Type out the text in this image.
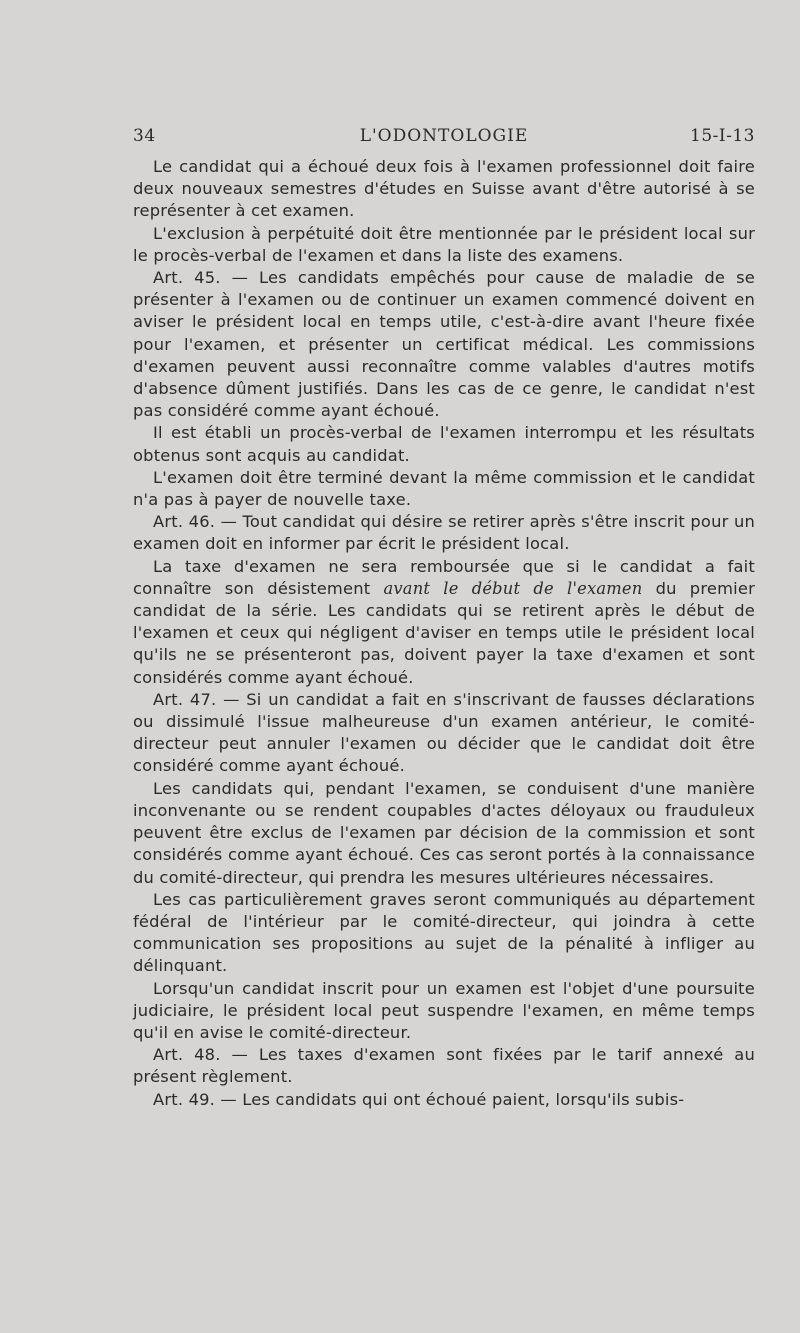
34	L'ODONTOLOGIE	15-I-13

Le candidat qui a échoué deux fois à l'examen professionnel doit faire deux nouveaux semestres d'études en Suisse avant d'être autorisé à se représenter à cet examen.

L'exclusion à perpétuité doit être mentionnée par le président local sur le procès-verbal de l'examen et dans la liste des examens.

Art. 45. — Les candidats empêchés pour cause de maladie de se présenter à l'examen ou de continuer un examen commencé doivent en aviser le président local en temps utile, c'est-à-dire avant l'heure fixée pour l'examen, et présenter un certificat médical. Les commissions d'examen peuvent aussi reconnaître comme valables d'autres motifs d'absence dûment justifiés. Dans les cas de ce genre, le candidat n'est pas considéré comme ayant échoué.

Il est établi un procès-verbal de l'examen interrompu et les résultats obtenus sont acquis au candidat.

L'examen doit être terminé devant la même commission et le candidat n'a pas à payer de nouvelle taxe.

Art. 46. — Tout candidat qui désire se retirer après s'être inscrit pour un examen doit en informer par écrit le président local.

La taxe d'examen ne sera remboursée que si le candidat a fait connaître son désistement avant le début de l'examen du premier candidat de la série. Les candidats qui se retirent après le début de l'examen et ceux qui négligent d'aviser en temps utile le président local qu'ils ne se présenteront pas, doivent payer la taxe d'examen et sont considérés comme ayant échoué.

Art. 47. — Si un candidat a fait en s'inscrivant de fausses déclarations ou dissimulé l'issue malheureuse d'un examen antérieur, le comité-directeur peut annuler l'examen ou décider que le candidat doit être considéré comme ayant échoué.

Les candidats qui, pendant l'examen, se conduisent d'une manière inconvenante ou se rendent coupables d'actes déloyaux ou frauduleux peuvent être exclus de l'examen par décision de la commission et sont considérés comme ayant échoué. Ces cas seront portés à la connaissance du comité-directeur, qui prendra les mesures ultérieures nécessaires.

Les cas particulièrement graves seront communiqués au département fédéral de l'intérieur par le comité-directeur, qui joindra à cette communication ses propositions au sujet de la pénalité à infliger au délinquant.

Lorsqu'un candidat inscrit pour un examen est l'objet d'une poursuite judiciaire, le président local peut suspendre l'examen, en même temps qu'il en avise le comité-directeur.

Art. 48. — Les taxes d'examen sont fixées par le tarif annexé au présent règlement.

Art. 49. — Les candidats qui ont échoué paient, lorsqu'ils subis-
